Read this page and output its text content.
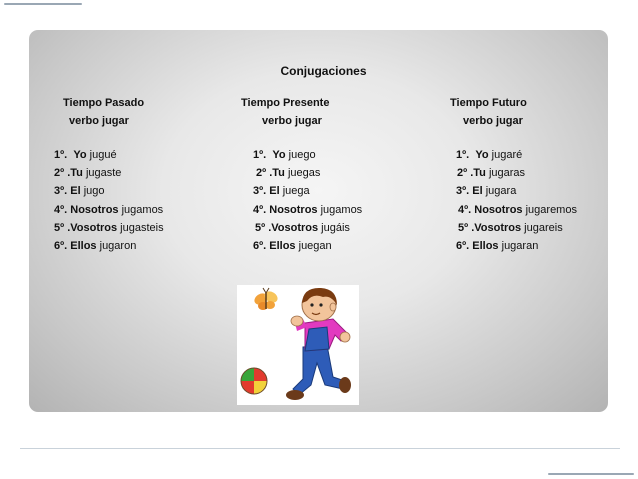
Conjugaciones
Tiempo Pasado
verbo jugar
1º. Yo jugué
2º .Tu jugaste
3º. El jugo
4º. Nosotros jugamos
5º .Vosotros jugasteis
6º. Ellos jugaron
Tiempo Presente
verbo jugar
1º. Yo juego
2º .Tu juegas
3º. El juega
4º. Nosotros jugamos
5º .Vosotros jugáis
6º. Ellos juegan
Tiempo Futuro
verbo jugar
1º. Yo jugaré
2º .Tu jugaras
3º. El jugara
4º. Nosotros jugaremos
5º .Vosotros jugareis
6º. Ellos jugaran
